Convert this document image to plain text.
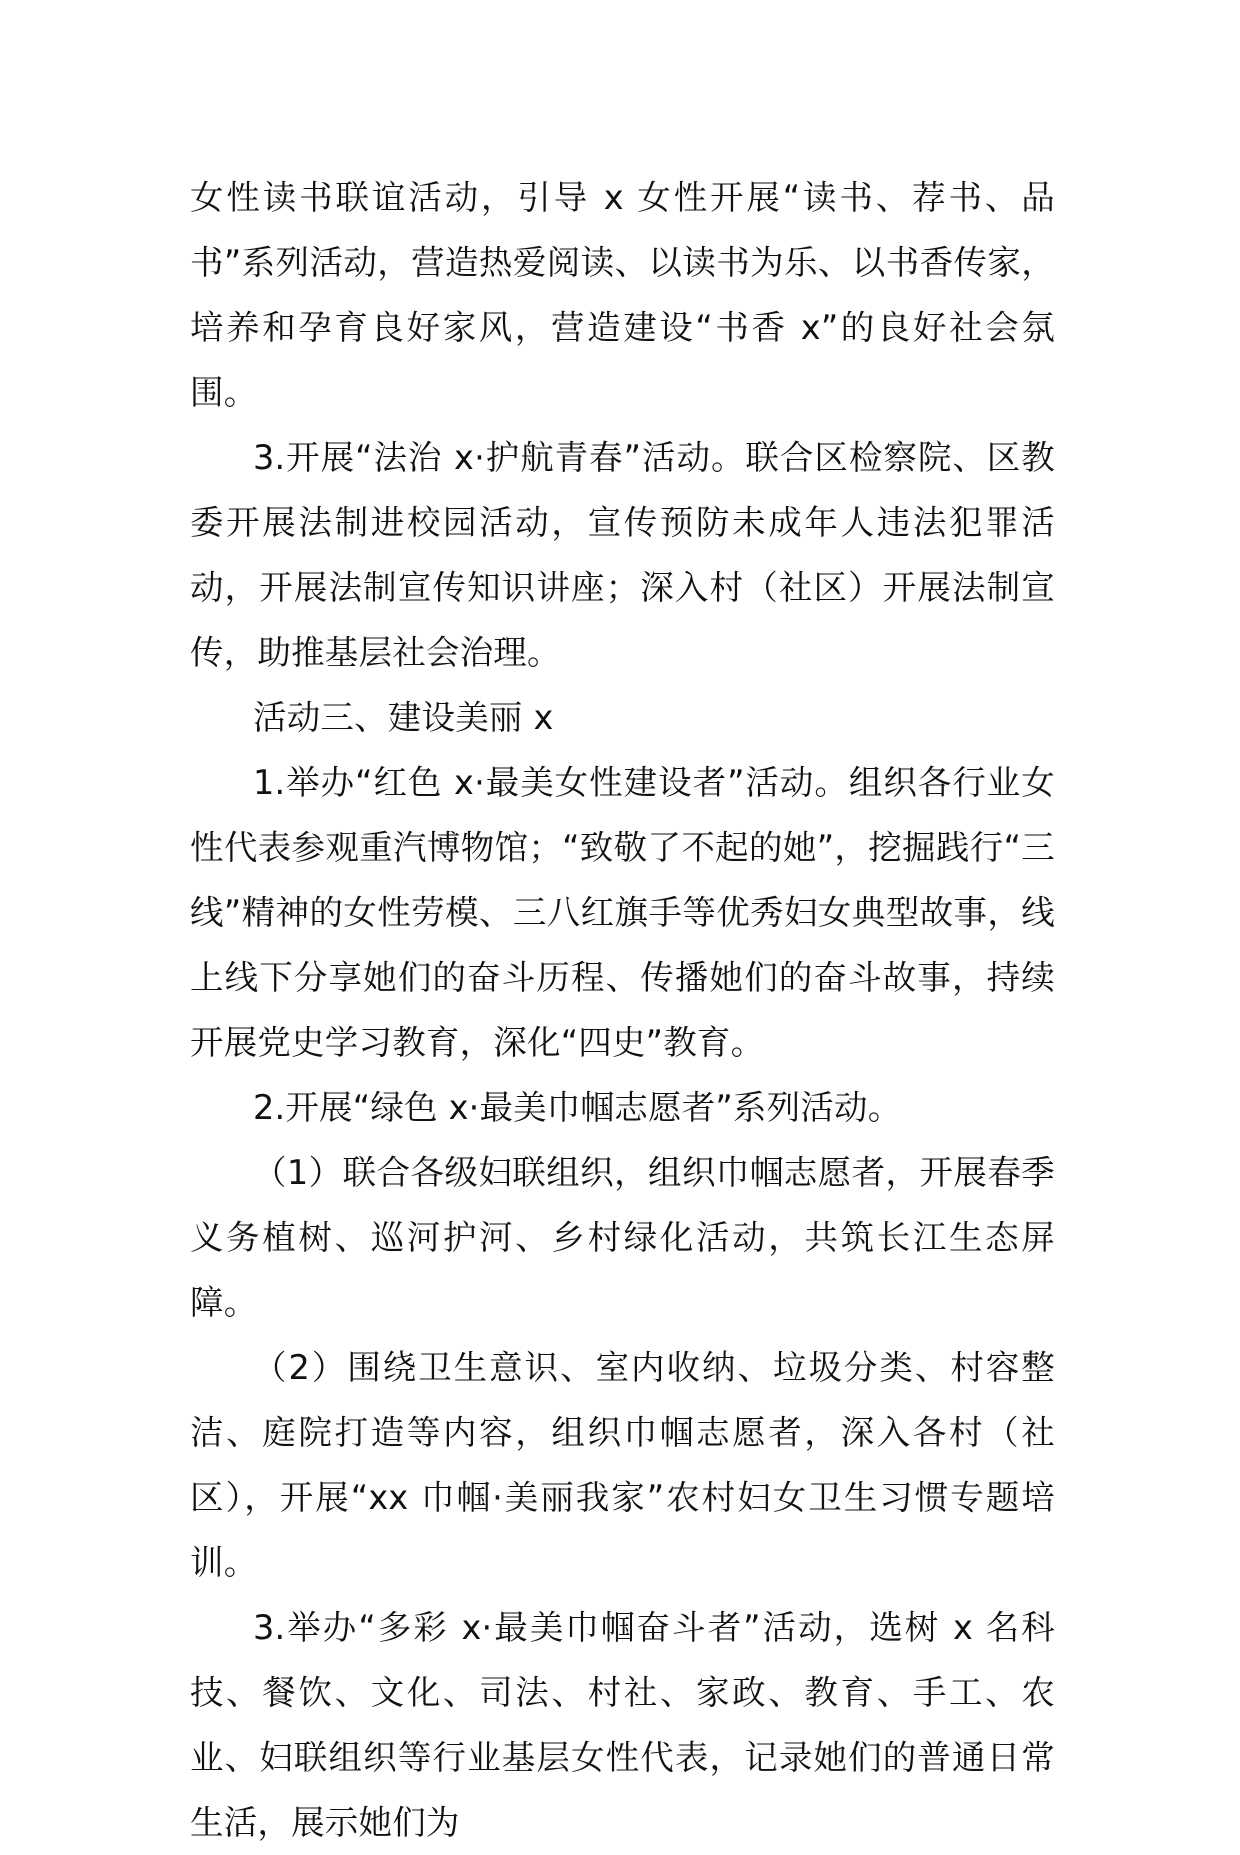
女性读书联谊活动，引导 x 女性开展“读书、荐书、品书”系列活动，营造热爱阅读、以读书为乐、以书香传家，培养和孕育良好家风，营造建设“书香 x”的良好社会氛围。

3.开展“法治 x·护航青春”活动。联合区检察院、区教委开展法制进校园活动，宣传预防未成年人违法犯罪活动，开展法制宣传知识讲座；深入村（社区）开展法制宣传，助推基层社会治理。

活动三、建设美丽 x

1.举办“红色 x·最美女性建设者”活动。组织各行业女性代表参观重汽博物馆；“致敬了不起的她”，挖掘践行“三线”精神的女性劳模、三八红旗手等优秀妇女典型故事，线上线下分享她们的奋斗历程、传播她们的奋斗故事，持续开展党史学习教育，深化“四史”教育。

2.开展“绿色 x·最美巾帼志愿者”系列活动。

（1）联合各级妇联组织，组织巾帼志愿者，开展春季义务植树、巡河护河、乡村绿化活动，共筑长江生态屏障。

（2）围绕卫生意识、室内收纳、垃圾分类、村容整洁、庭院打造等内容，组织巾帼志愿者，深入各村（社区），开展“xx 巾帼·美丽我家”农村妇女卫生习惯专题培训。

3.举办“多彩 x·最美巾帼奋斗者”活动，选树 x 名科技、餐饮、文化、司法、村社、家政、教育、手工、农业、妇联组织等行业基层女性代表，记录她们的普通日常生活，展示她们为
